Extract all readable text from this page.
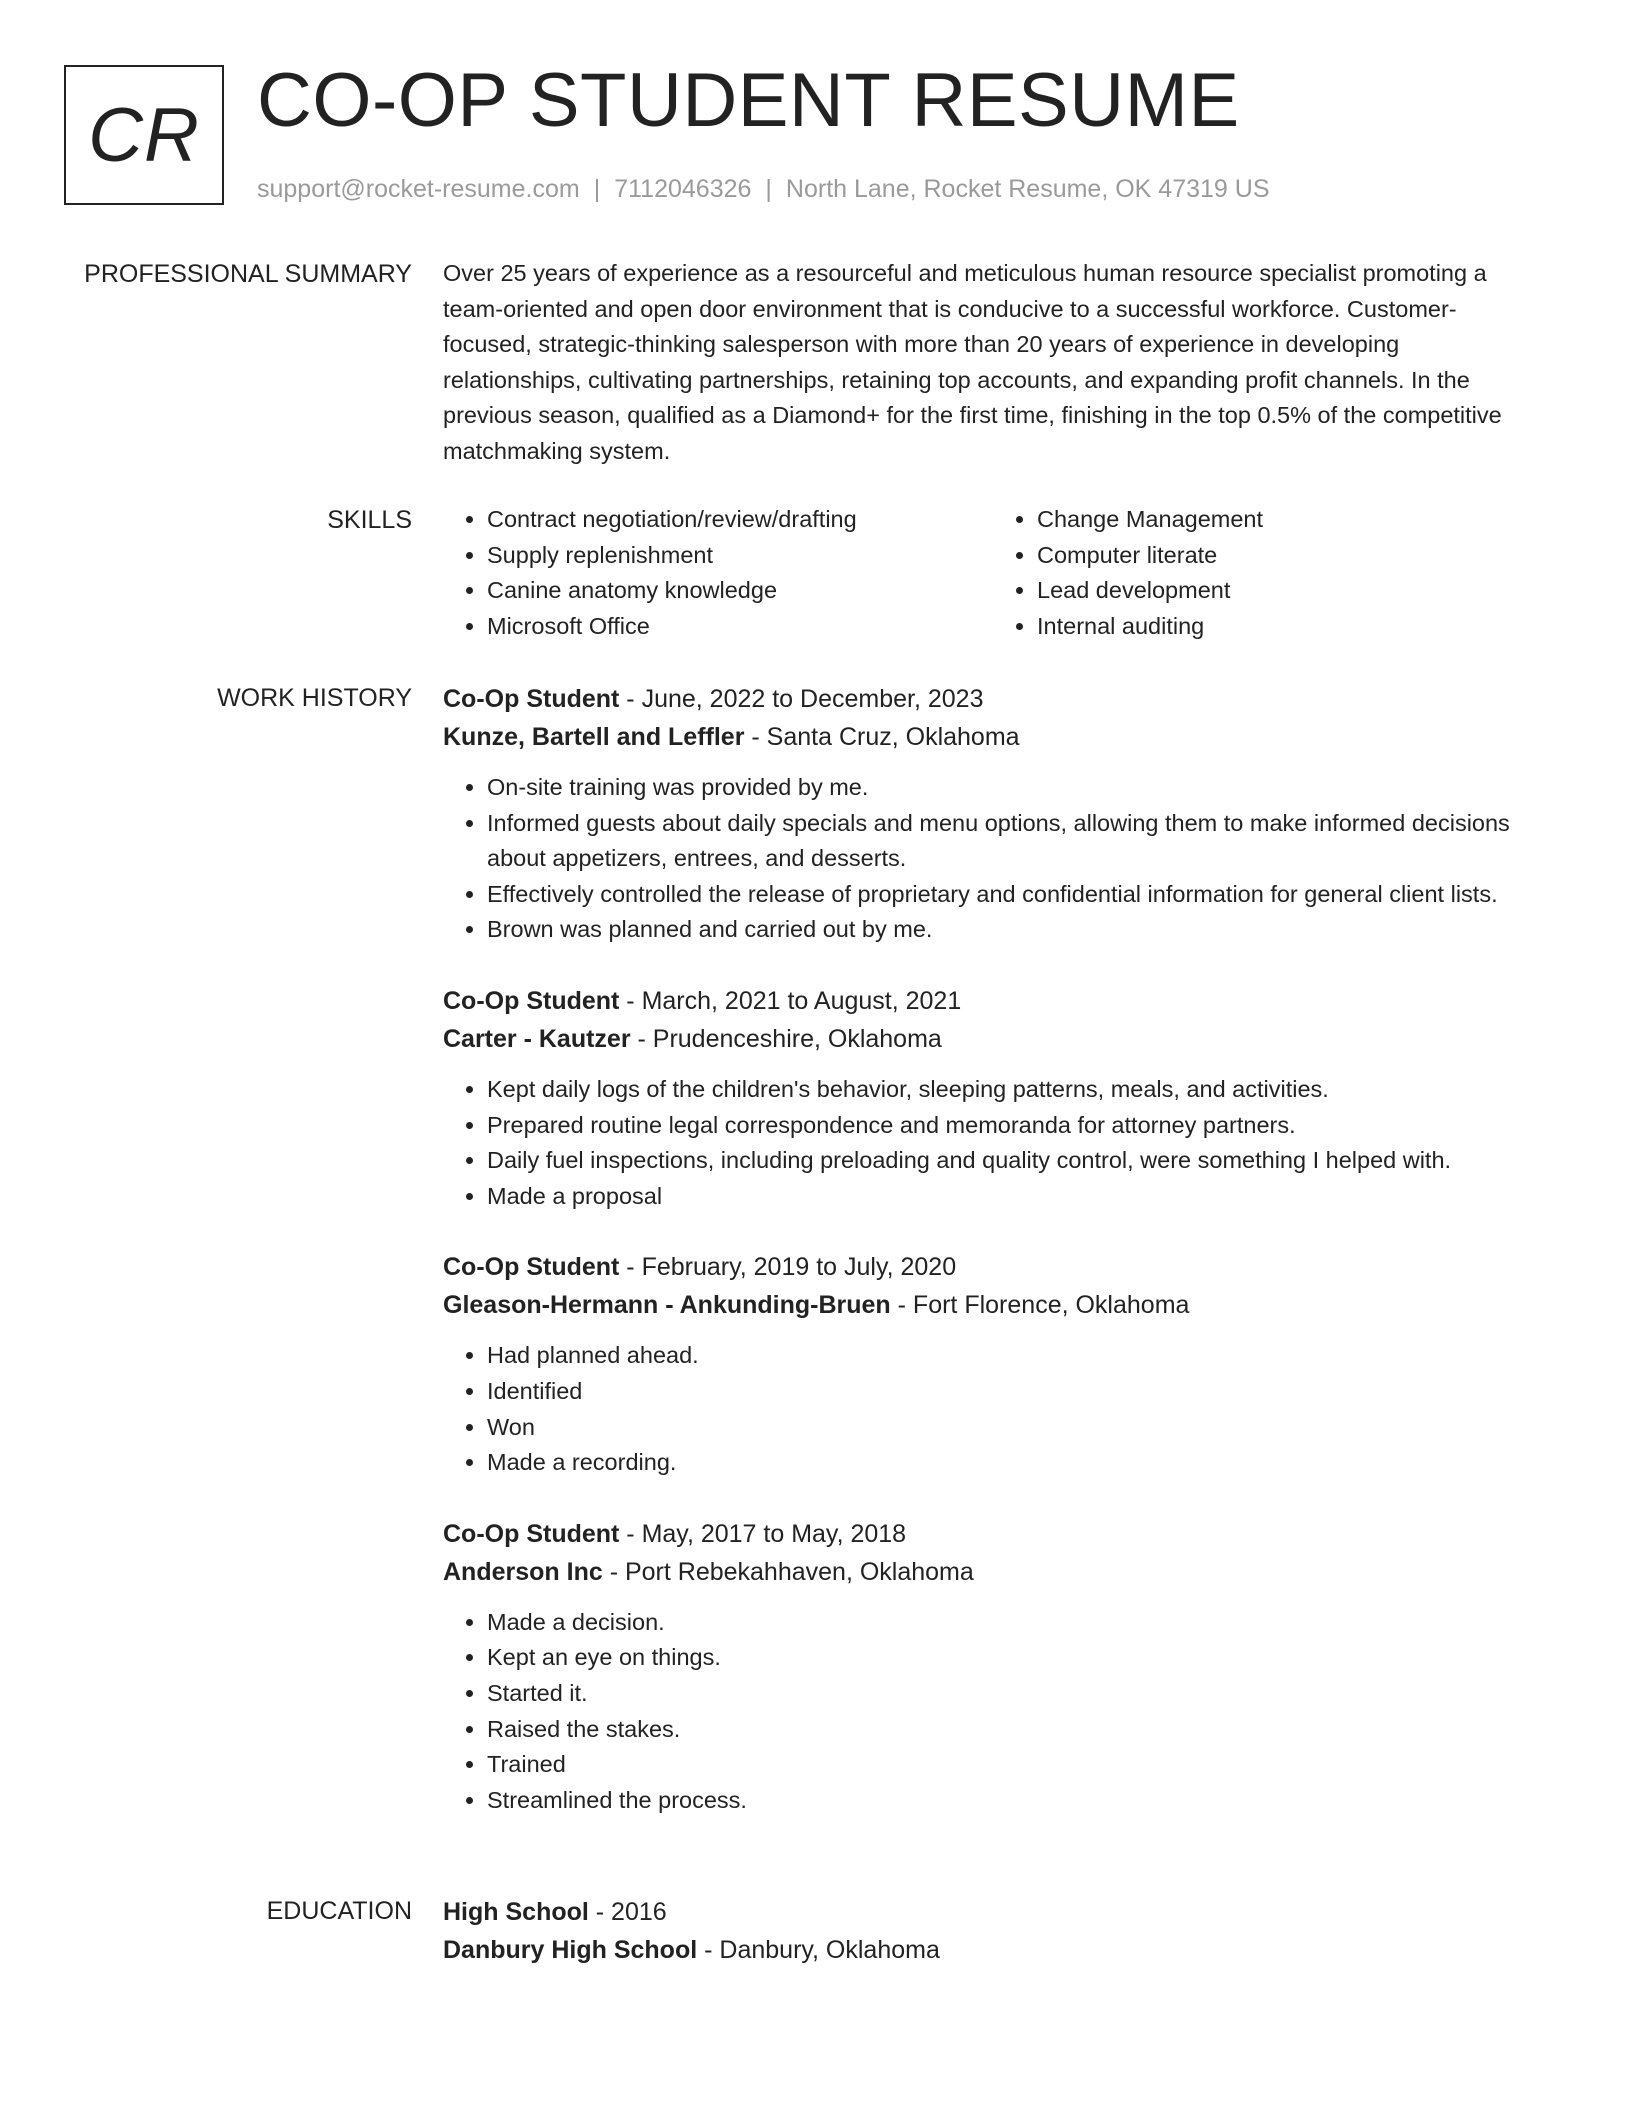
CR CO-OP STUDENT RESUME
support@rocket-resume.com | 7112046326 | North Lane, Rocket Resume, OK 47319 US
PROFESSIONAL SUMMARY Over 25 years of experience as a resourceful and meticulous human resource specialist promoting a team-oriented and open door environment that is conducive to a successful workforce. Customer-focused, strategic-thinking salesperson with more than 20 years of experience in developing relationships, cultivating partnerships, retaining top accounts, and expanding profit channels. In the previous season, qualified as a Diamond+ for the first time, finishing in the top 0.5% of the competitive matchmaking system.

SKILLS
•	Contract negotiation/review/drafting
• Supply replenishment
• Canine anatomy knowledge
• Microsoft Office
• Change Management
• Computer literate
• Lead development
• Internal auditing
WORK HISTORY Co-Op Student - June, 2022 to December, 2023
Kunze, Bartell and Leffler - Santa Cruz, Oklahoma
• On-site training was provided by me.
• Informed guests about daily specials and menu options, allowing them to make informed decisions about appetizers, entrees, and desserts.
• Effectively controlled the release of proprietary and confidential information for general client lists.
• Brown was planned and carried out by me.
Co-Op Student - March, 2021 to August, 2021
Carter - Kautzer - Prudenceshire, Oklahoma
• Kept daily logs of the children's behavior, sleeping patterns, meals, and activities.
• Prepared routine legal correspondence and memoranda for attorney partners.
• Daily fuel inspections, including preloading and quality control, were something I helped with.
• Made a proposal
Co-Op Student - February, 2019 to July, 2020
Gleason-Hermann - Ankunding-Bruen - Fort Florence, Oklahoma
• Had planned ahead.
• Identified
• Won
• Made a recording.
Co-Op Student - May, 2017 to May, 2018
Anderson Inc - Port Rebekahhaven, Oklahoma
• Made a decision.
• Kept an eye on things.
• Started it.
• Raised the stakes.
• Trained
• Streamlined the process.
EDUCATION High School - 2016
Danbury High School - Danbury, Oklahoma
